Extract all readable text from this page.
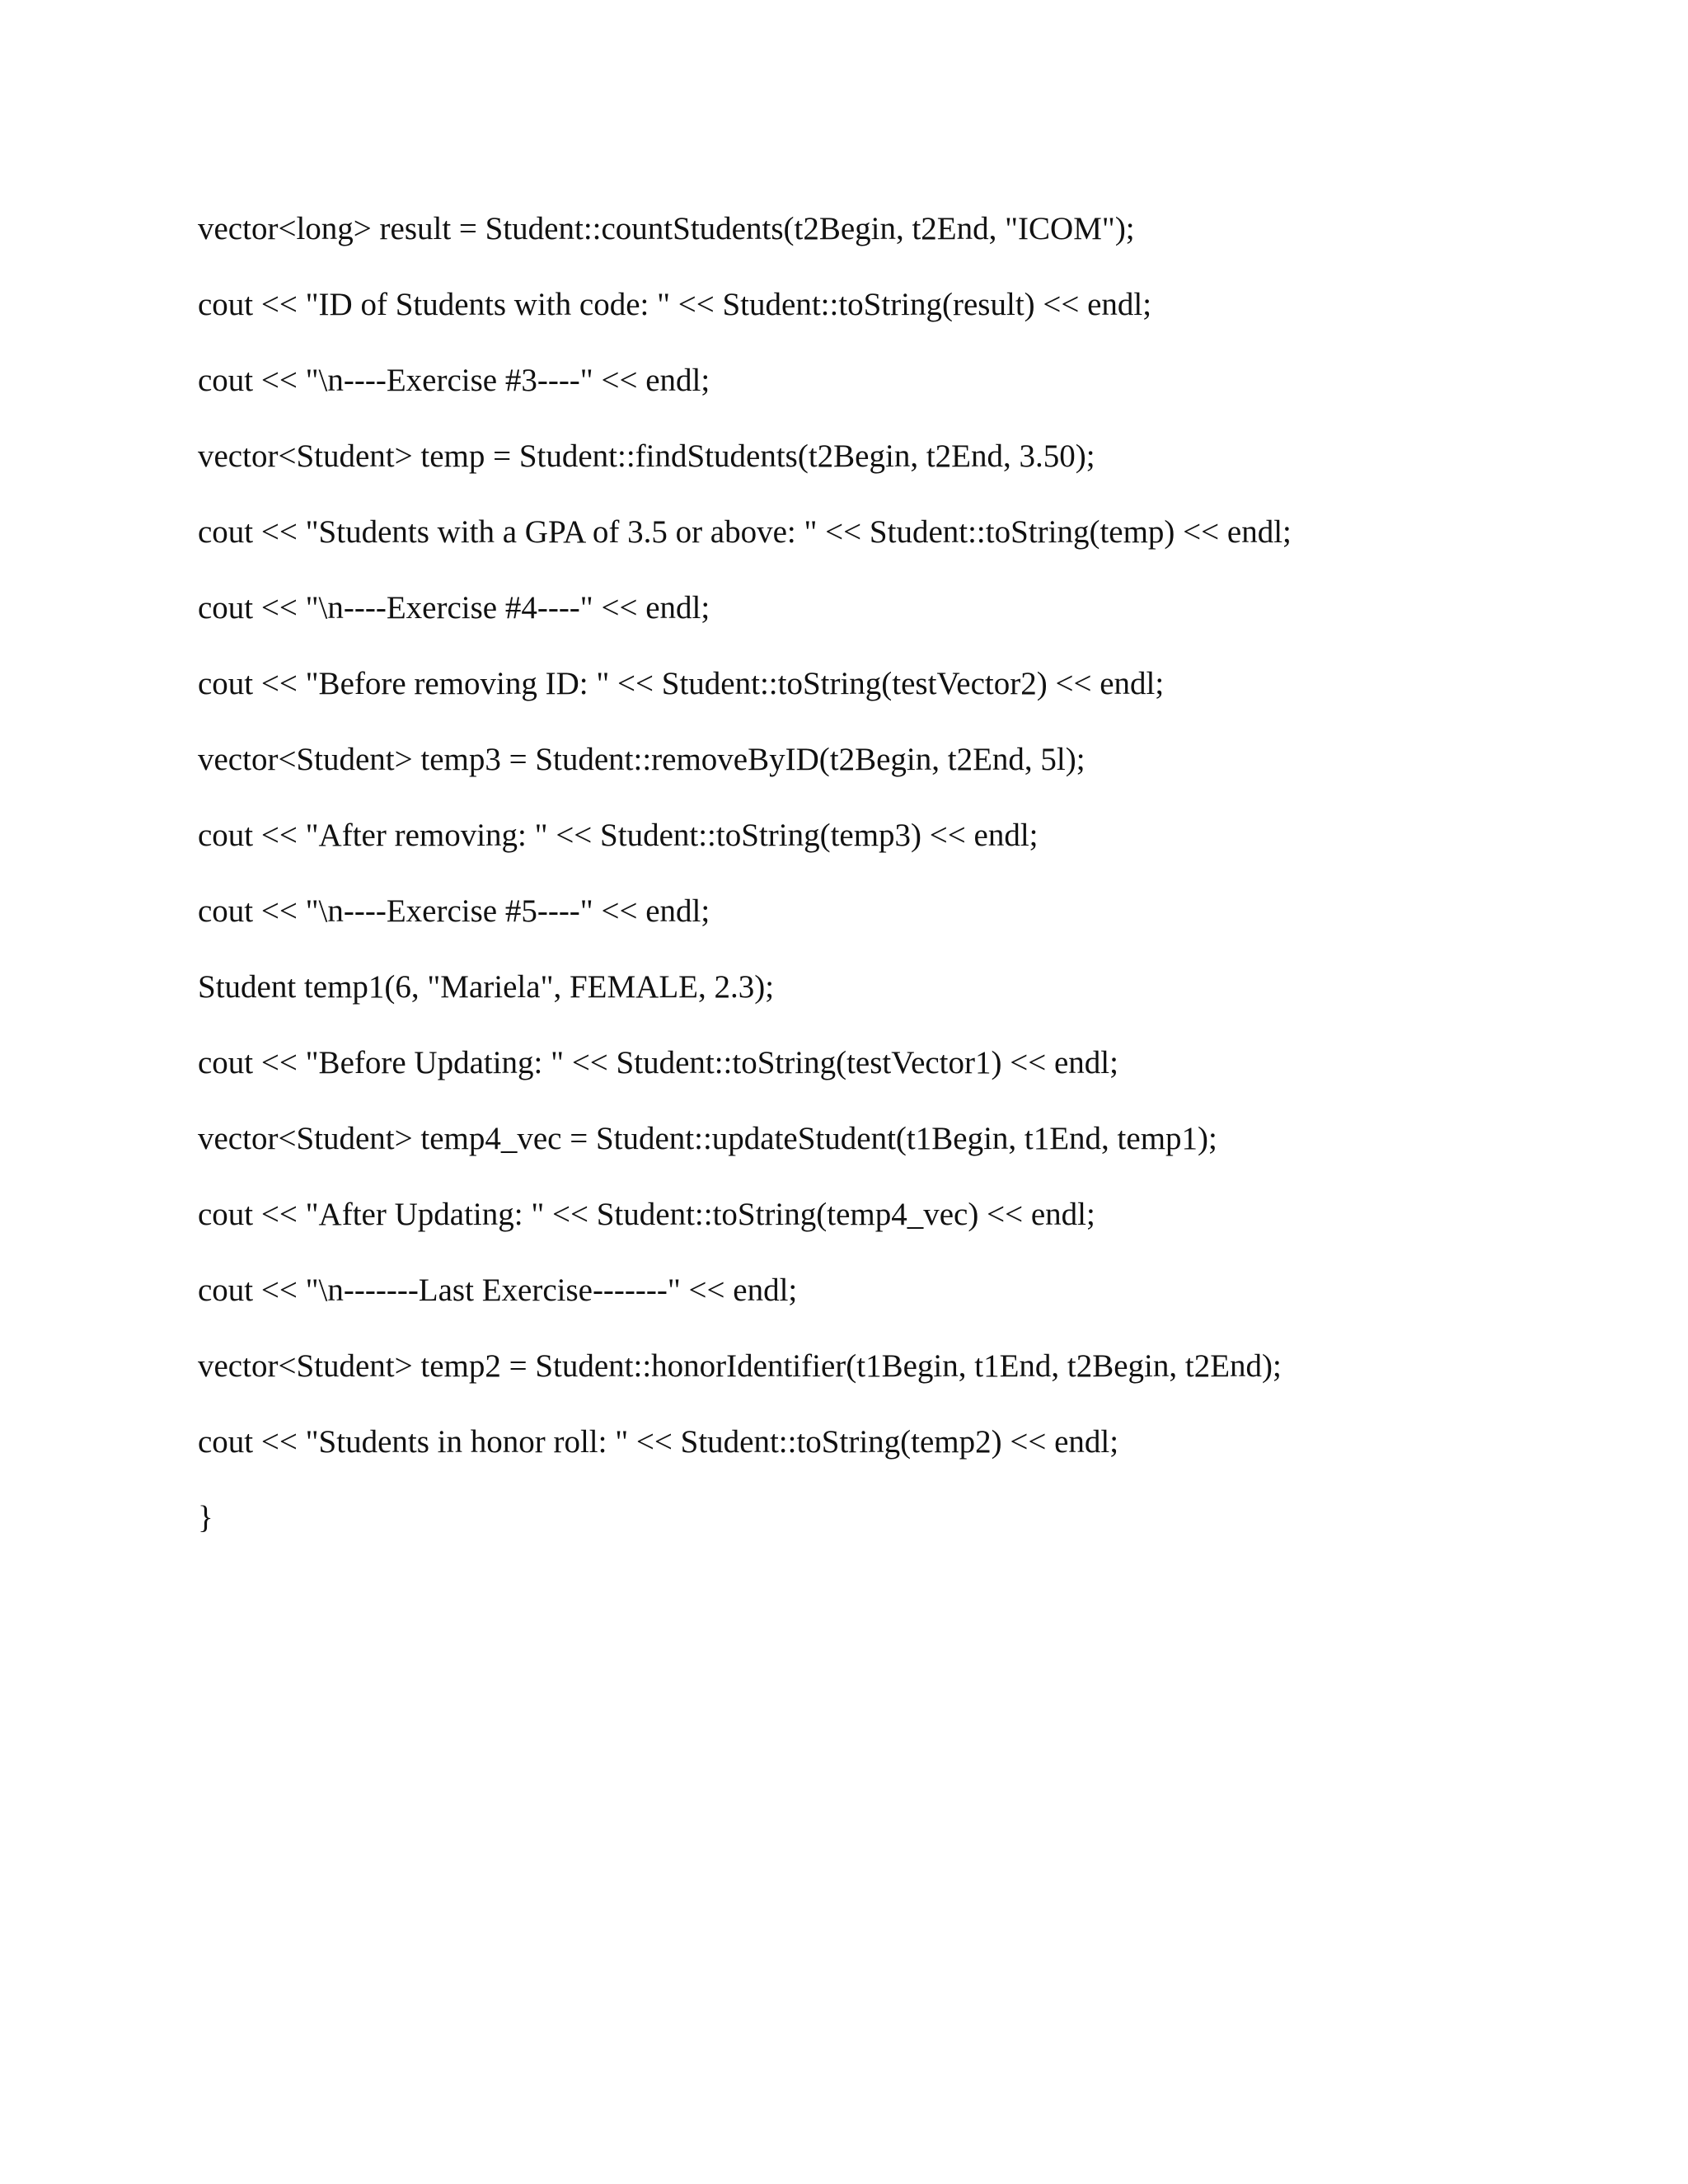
vector<long> result = Student::countStudents(t2Begin, t2End, "ICOM");
cout << "ID of Students with code: " << Student::toString(result) << endl;
cout << "\n----Exercise #3----" << endl;
vector<Student> temp = Student::findStudents(t2Begin, t2End, 3.50);
cout << "Students with a GPA of 3.5 or above: " << Student::toString(temp) << endl;
cout << "\n----Exercise #4----" << endl;
cout << "Before removing ID: " << Student::toString(testVector2) << endl;
vector<Student> temp3 = Student::removeByID(t2Begin, t2End, 5l);
cout << "After removing: " << Student::toString(temp3) << endl;
cout << "\n----Exercise #5----" << endl;
Student temp1(6, "Mariela", FEMALE, 2.3);
cout << "Before Updating: " << Student::toString(testVector1) << endl;
vector<Student> temp4_vec = Student::updateStudent(t1Begin, t1End, temp1);
cout << "After Updating: " << Student::toString(temp4_vec) << endl;
cout << "\n-------Last Exercise-------" << endl;
vector<Student> temp2 = Student::honorIdentifier(t1Begin, t1End, t2Begin, t2End);
cout << "Students in honor roll: " << Student::toString(temp2) << endl;
}
